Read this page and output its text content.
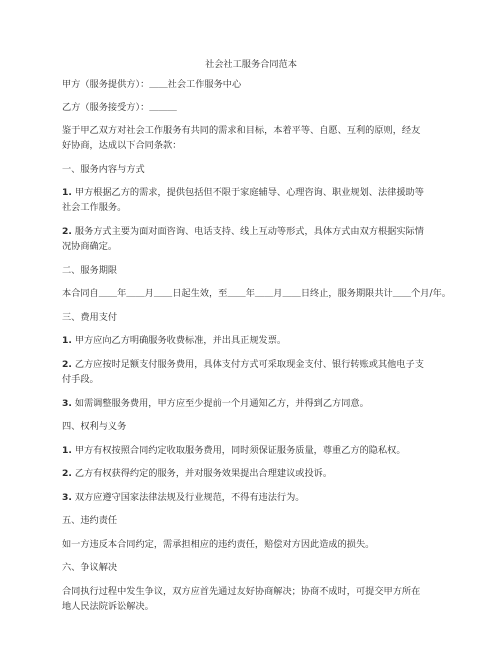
社会社工服务合同范本
甲方（服务提供方）：＿＿社会工作服务中心
乙方（服务接受方）：＿＿＿
鉴于甲乙双方对社会工作服务有共同的需求和目标，本着平等、自愿、互利的原则，经友
好协商，达成以下合同条款：
一、服务内容与方式
1. 甲方根据乙方的需求，提供包括但不限于家庭辅导、心理咨询、职业规划、法律援助等
社会工作服务。
2. 服务方式主要为面对面咨询、电话支持、线上互动等形式，具体方式由双方根据实际情
况协商确定。
二、服务期限
本合同自＿＿年＿＿月＿＿日起生效，至＿＿年＿＿月＿＿日终止，服务期限共计＿＿个月/年。
三、费用支付
1. 甲方应向乙方明确服务收费标准，并出具正规发票。
2. 乙方应按时足额支付服务费用，具体支付方式可采取现金支付、银行转账或其他电子支
付手段。
3. 如需调整服务费用，甲方应至少提前一个月通知乙方，并得到乙方同意。
四、权利与义务
1. 甲方有权按照合同约定收取服务费用，同时须保证服务质量，尊重乙方的隐私权。
2. 乙方有权获得约定的服务，并对服务效果提出合理建议或投诉。
3. 双方应遵守国家法律法规及行业规范，不得有违法行为。
五、违约责任
如一方违反本合同约定，需承担相应的违约责任，赔偿对方因此造成的损失。
六、争议解决
合同执行过程中发生争议，双方应首先通过友好协商解决；协商不成时，可提交甲方所在
地人民法院诉讼解决。
